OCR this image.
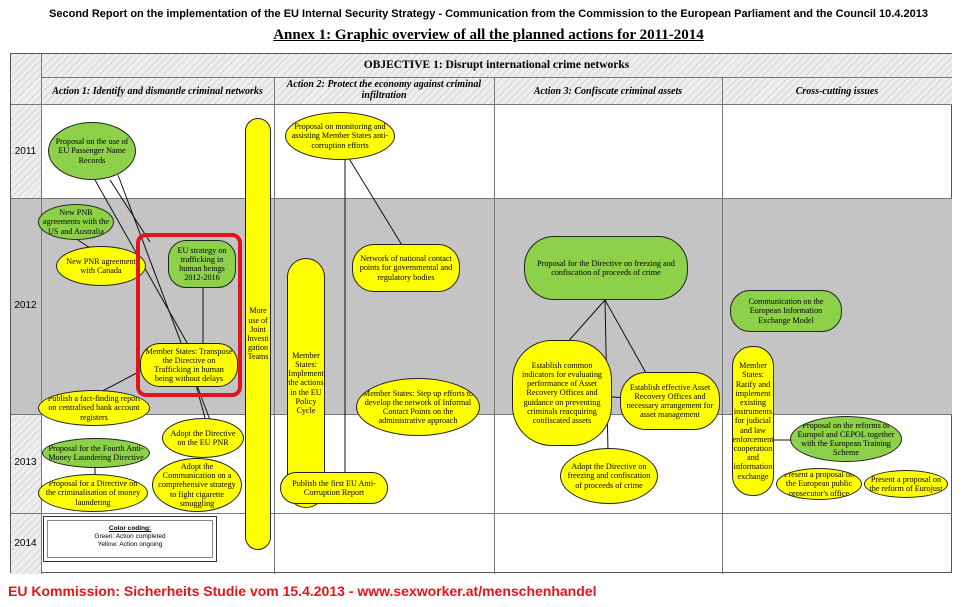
Second Report on the implementation of the EU Internal Security Strategy - Communication from the Commission to the European Parliament and the Council 10.4.2013
Annex 1: Graphic overview of all the planned actions for 2011-2014
2011
2012
2013
2014
OBJECTIVE 1: Disrupt international crime networks
Action 1: Identify and dismantle criminal networks
Action 2: Protect the economy against criminal infiltration	Action 3: Confiscate criminal assets	Cross-cutting issues
Proposal on the use of EU Passenger Name Records
New PNR agreements with the US and Australia
New PNR agreement with Canada
EU strategy on trafficking in human beings 2012-2016
Member States: Transpose the Directive on Trafficking in human being without delays
More use of Joint Investi gation Teams
Publish a fact-finding report on centralised bank account registers
Proposal for the Fourth Anti-Money Laundering Directive
Proposal for a Directive on the criminalisation of money laundering
Adopt the Directive on the EU PNR
Adopt the Communication on a comprehensive strategy to fight cigarette smuggling
Proposal on monitoring and assisting Member States anti-corruption efforts
Network of national contact points for governmental and regulatory bodies
Member States: Implement the actions in the EU Policy Cycle
Member States: Step up efforts to develop the network of Informal Contact Points on the administrative approach
Publish the first EU Anti-Corruption Report
Proposal for the Directive on freezing and confiscation of proceeds of crime
Establish common indicators for evaluating performance of Asset Recovery Offices and guidance on preventing criminals reacquiring confiscated assets
Establish effective Asset Recovery Offices and necessary arrangement for asset management
Adopt the Directive on freezing and confiscation of proceeds of crime
Communication on the European Information Exchange Model
Member States: Ratify and implement existing instruments for judicial and law enforcement cooperation and information exchange
Proposal on the reforms of Europol and CEPOL together with the European Training Scheme
Present a proposal on the European public prosecutor's office
Present a proposal on the reform of Eurojust
Color coding:
Green: Action completed
Yellow: Action ongoing
EU Kommission: Sicherheits Studie vom 15.4.2013 - www.sexworker.at/menschenhandel
